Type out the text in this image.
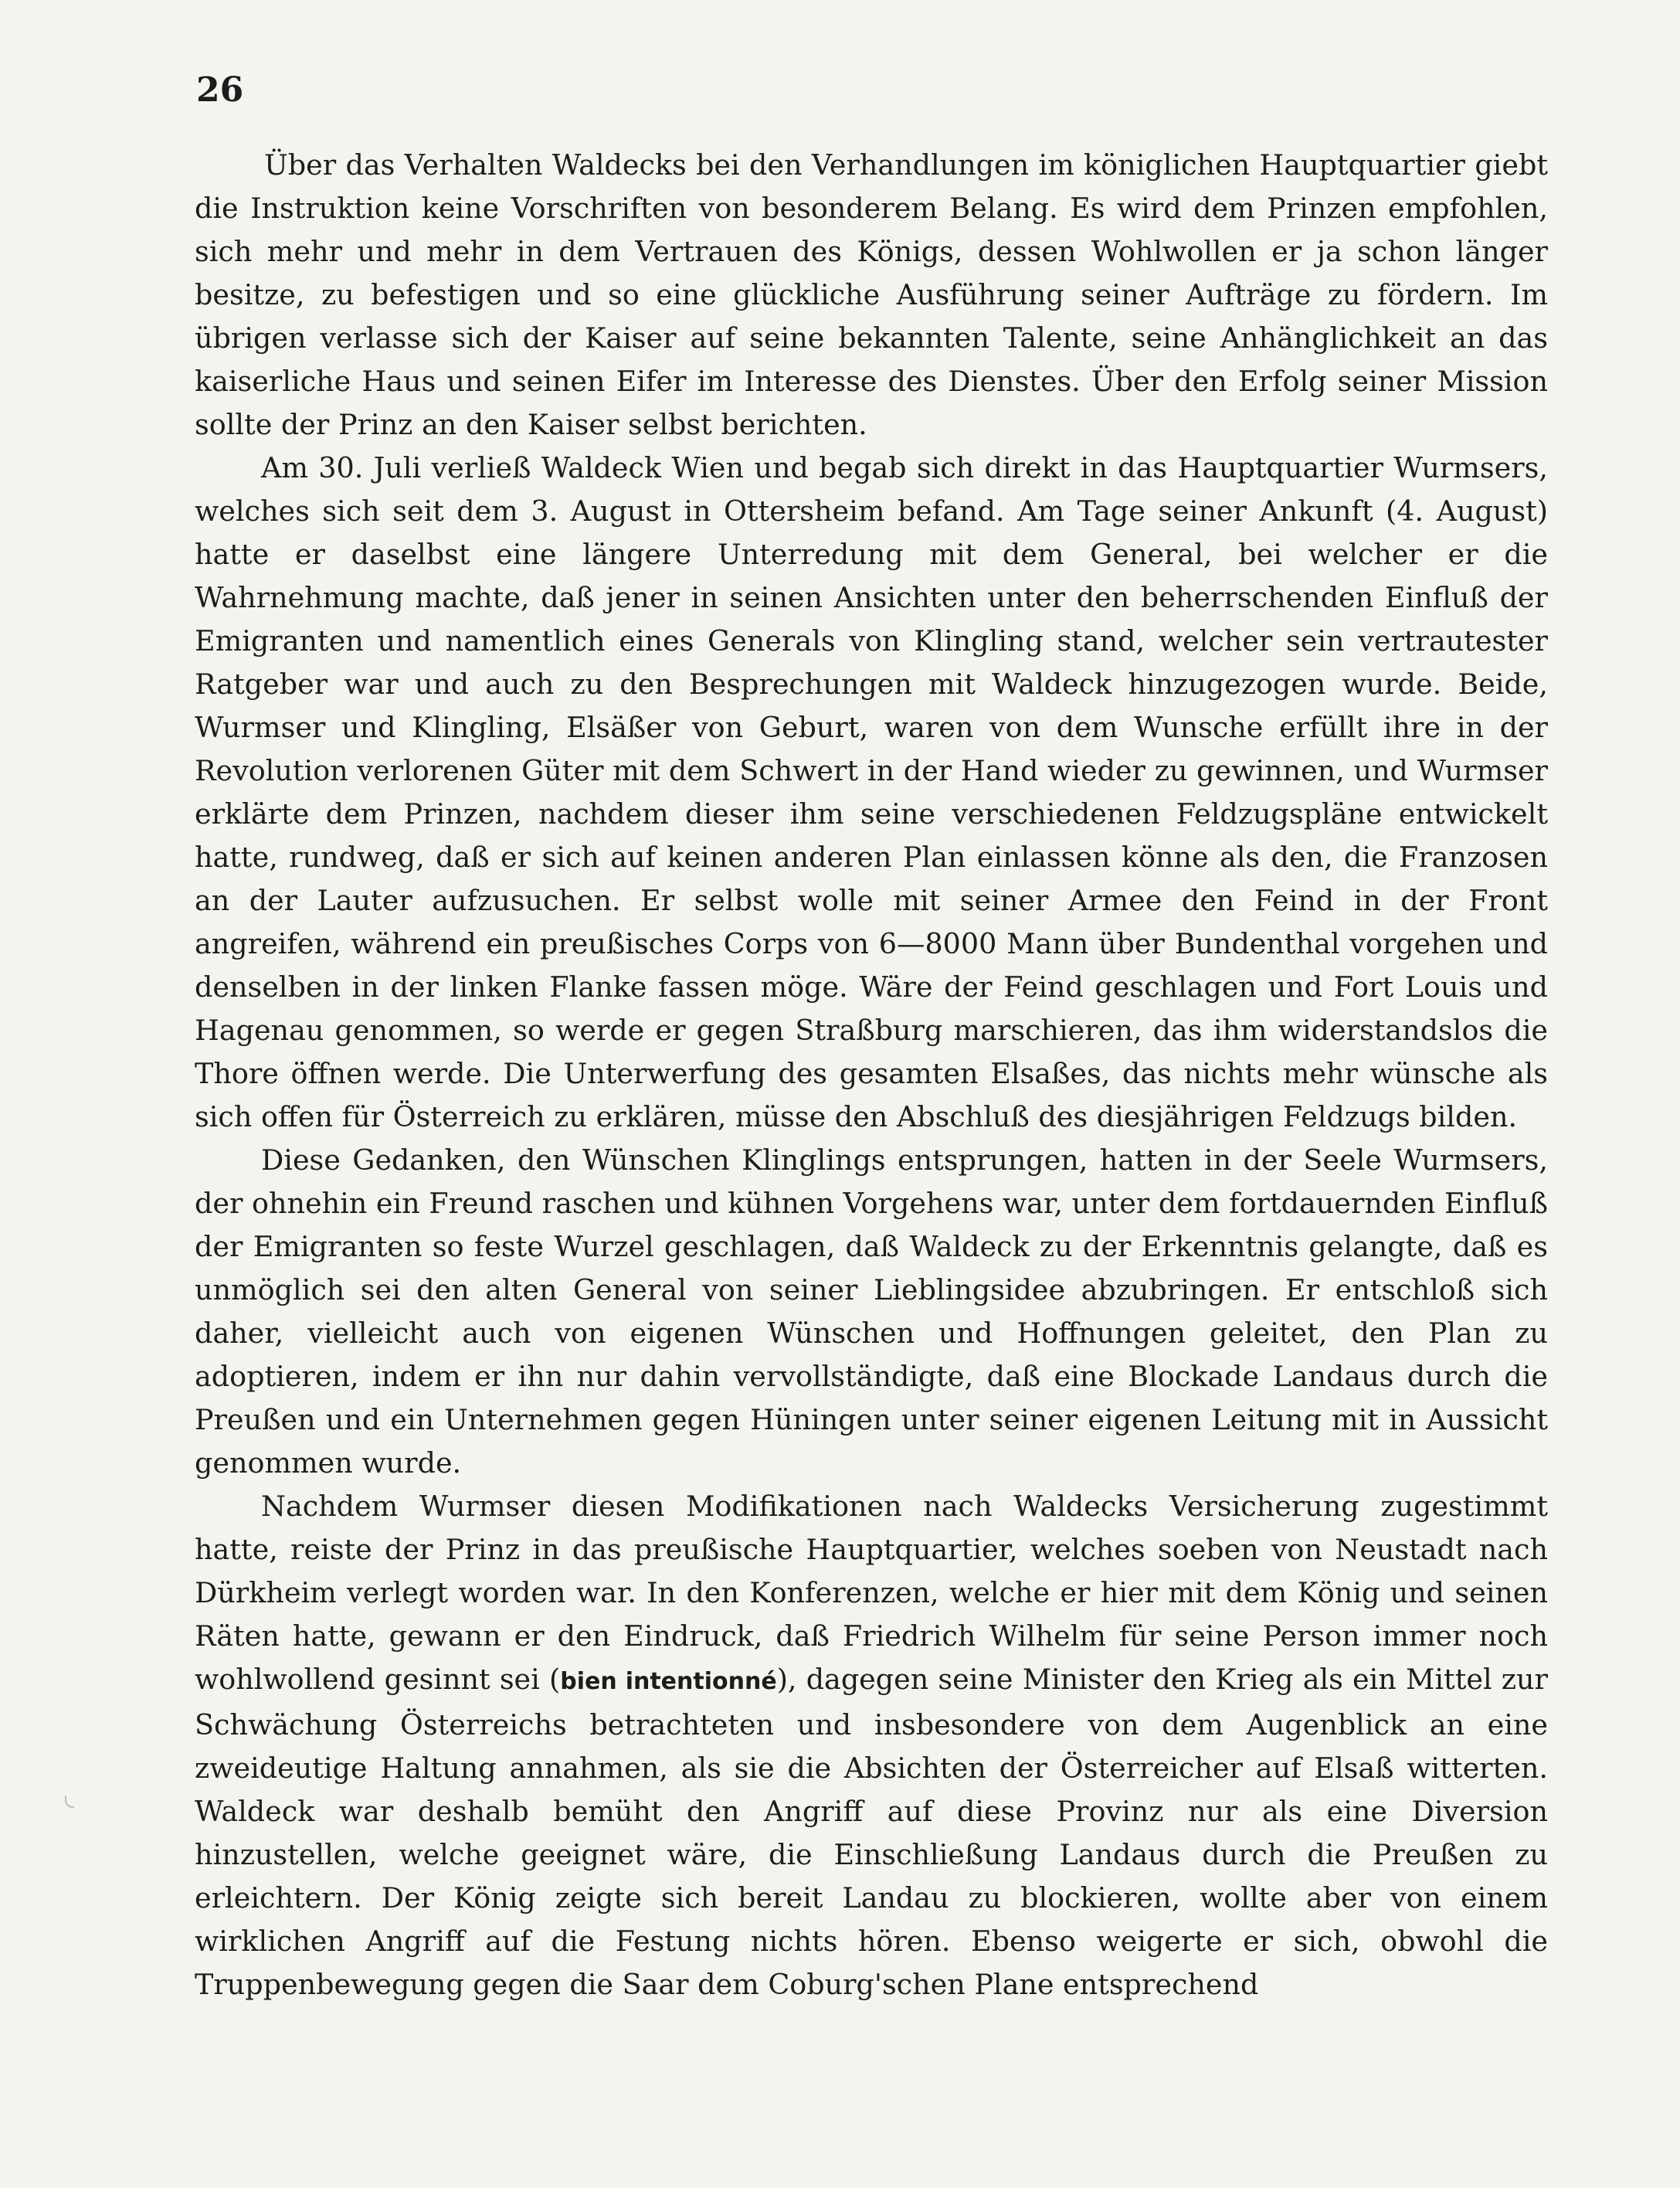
26

Über das Verhalten Waldecks bei den Verhandlungen im königlichen Hauptquartier giebt die Instruktion keine Vorschriften von besonderem Belang. Es wird dem Prinzen empfohlen, sich mehr und mehr in dem Vertrauen des Königs, dessen Wohlwollen er ja schon länger besitze, zu befestigen und so eine glückliche Ausführung seiner Aufträge zu fördern. Im übrigen verlasse sich der Kaiser auf seine bekannten Talente, seine Anhänglichkeit an das kaiserliche Haus und seinen Eifer im Interesse des Dienstes. Über den Erfolg seiner Mission sollte der Prinz an den Kaiser selbst berichten.

Am 30. Juli verließ Waldeck Wien und begab sich direkt in das Hauptquartier Wurmsers, welches sich seit dem 3. August in Ottersheim befand. Am Tage seiner Ankunft (4. August) hatte er daselbst eine längere Unterredung mit dem General, bei welcher er die Wahrnehmung machte, daß jener in seinen Ansichten unter den beherrschenden Einfluß der Emigranten und namentlich eines Generals von Klingling stand, welcher sein vertrautester Ratgeber war und auch zu den Besprechungen mit Waldeck hinzugezogen wurde. Beide, Wurmser und Klingling, Elsäßer von Geburt, waren von dem Wunsche erfüllt ihre in der Revolution verlorenen Güter mit dem Schwert in der Hand wieder zu gewinnen, und Wurmser erklärte dem Prinzen, nachdem dieser ihm seine verschiedenen Feldzugspläne entwickelt hatte, rundweg, daß er sich auf keinen anderen Plan einlassen könne als den, die Franzosen an der Lauter aufzusuchen. Er selbst wolle mit seiner Armee den Feind in der Front angreifen, während ein preußisches Corps von 6—8000 Mann über Bundenthal vorgehen und denselben in der linken Flanke fassen möge. Wäre der Feind geschlagen und Fort Louis und Hagenau genommen, so werde er gegen Straßburg marschieren, das ihm widerstandslos die Thore öffnen werde. Die Unterwerfung des gesamten Elsaßes, das nichts mehr wünsche als sich offen für Österreich zu erklären, müsse den Abschluß des diesjährigen Feldzugs bilden.

Diese Gedanken, den Wünschen Klinglings entsprungen, hatten in der Seele Wurmsers, der ohnehin ein Freund raschen und kühnen Vorgehens war, unter dem fortdauernden Einfluß der Emigranten so feste Wurzel geschlagen, daß Waldeck zu der Erkenntnis gelangte, daß es unmöglich sei den alten General von seiner Lieblingsidee abzubringen. Er entschloß sich daher, vielleicht auch von eigenen Wünschen und Hoffnungen geleitet, den Plan zu adoptieren, indem er ihn nur dahin vervollständigte, daß eine Blockade Landaus durch die Preußen und ein Unternehmen gegen Hüningen unter seiner eigenen Leitung mit in Aussicht genommen wurde.

Nachdem Wurmser diesen Modifikationen nach Waldecks Versicherung zugestimmt hatte, reiste der Prinz in das preußische Hauptquartier, welches soeben von Neustadt nach Dürkheim verlegt worden war. In den Konferenzen, welche er hier mit dem König und seinen Räten hatte, gewann er den Eindruck, daß Friedrich Wilhelm für seine Person immer noch wohlwollend gesinnt sei (bien intentionné), dagegen seine Minister den Krieg als ein Mittel zur Schwächung Österreichs betrachteten und insbesondere von dem Augenblick an eine zweideutige Haltung annahmen, als sie die Absichten der Österreicher auf Elsaß witterten. Waldeck war deshalb bemüht den Angriff auf diese Provinz nur als eine Diversion hinzustellen, welche geeignet wäre, die Einschließung Landaus durch die Preußen zu erleichtern. Der König zeigte sich bereit Landau zu blockieren, wollte aber von einem wirklichen Angriff auf die Festung nichts hören. Ebenso weigerte er sich, obwohl die Truppenbewegung gegen die Saar dem Coburg'schen Plane entsprechend
